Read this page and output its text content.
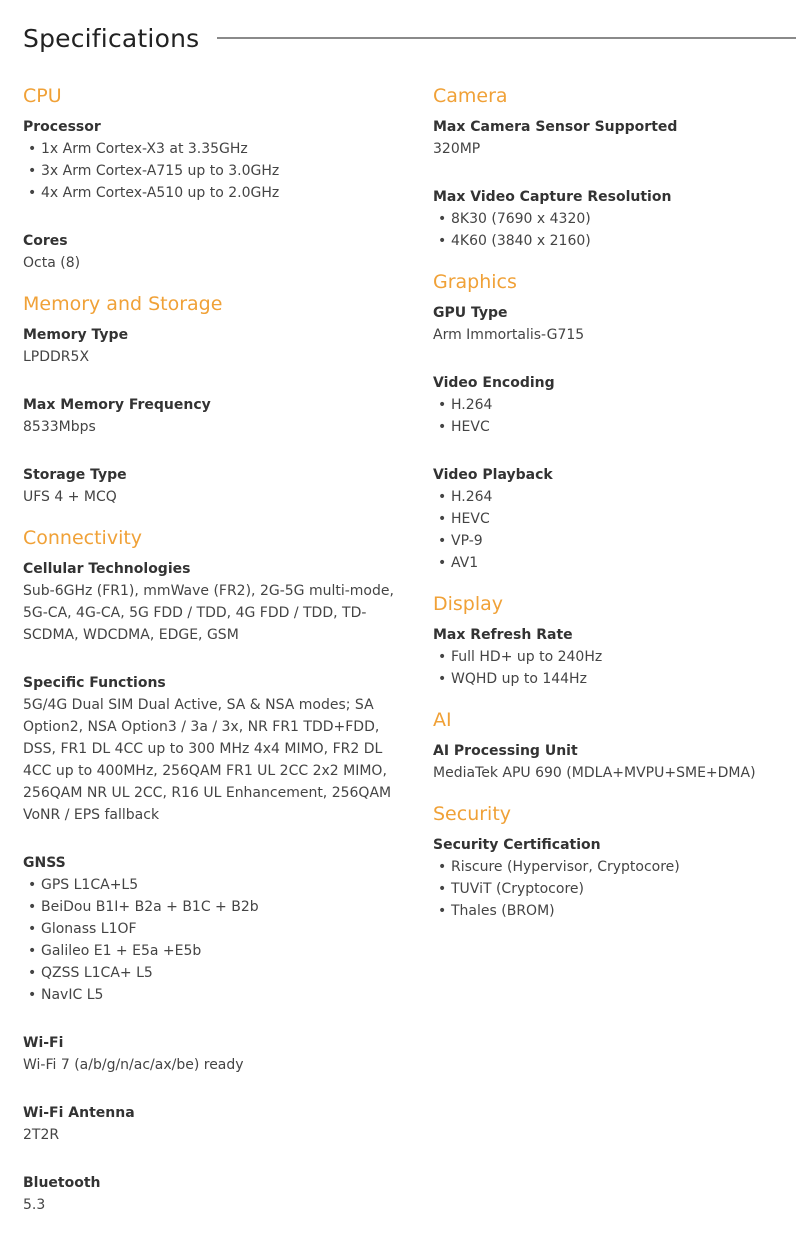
Specifications
CPU
Processor
• 1x Arm Cortex-X3 at 3.35GHz
• 3x Arm Cortex-A715 up to 3.0GHz
• 4x Arm Cortex-A510 up to 2.0GHz
Cores
Octa (8)
Memory and Storage
Memory Type
LPDDR5X
Max Memory Frequency
8533Mbps
Storage Type
UFS 4 + MCQ
Connectivity
Cellular Technologies
Sub-6GHz (FR1), mmWave (FR2), 2G-5G multi-mode, 5G-CA, 4G-CA, 5G FDD / TDD, 4G FDD / TDD, TD-SCDMA, WDCDMA, EDGE, GSM
Specific Functions
5G/4G Dual SIM Dual Active, SA & NSA modes; SA Option2, NSA Option3 / 3a / 3x, NR FR1 TDD+FDD, DSS, FR1 DL 4CC up to 300 MHz 4x4 MIMO, FR2 DL 4CC up to 400MHz, 256QAM FR1 UL 2CC 2x2 MIMO, 256QAM NR UL 2CC, R16 UL Enhancement, 256QAM VoNR / EPS fallback
GNSS
• GPS L1CA+L5
• BeiDou B1I+ B2a + B1C + B2b
• Glonass L1OF
• Galileo E1 + E5a +E5b
• QZSS L1CA+ L5
• NavIC L5
Wi-Fi
Wi-Fi 7 (a/b/g/n/ac/ax/be) ready
Wi-Fi Antenna
2T2R
Bluetooth
5.3
Camera
Max Camera Sensor Supported
320MP
Max Video Capture Resolution
• 8K30 (7690 x 4320)
• 4K60 (3840 x 2160)
Graphics
GPU Type
Arm Immortalis-G715
Video Encoding
• H.264
• HEVC
Video Playback
• H.264
• HEVC
• VP-9
• AV1
Display
Max Refresh Rate
• Full HD+ up to 240Hz
• WQHD up to 144Hz
AI
AI Processing Unit
MediaTek APU 690 (MDLA+MVPU+SME+DMA)
Security
Security Certification
• Riscure (Hypervisor, Cryptocore)
• TUViT (Cryptocore)
• Thales (BROM)
